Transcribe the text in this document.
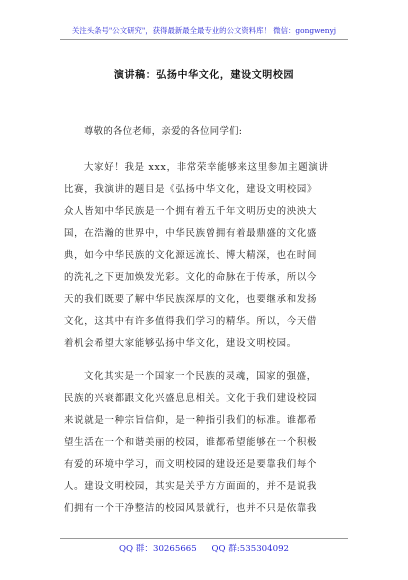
关注头条号"公文研究"，获得最新最全最专业的公文资料库！ 微信：gongwenyj
演讲稿：弘扬中华文化，建设文明校园
尊敬的各位老师，亲爱的各位同学们:
大家好！我是 xxx，非常荣幸能够来这里参加主题演讲
比赛，我演讲的题目是《弘扬中华文化，建设文明校园》
众人皆知中华民族是一个拥有着五千年文明历史的泱泱大
国，在浩瀚的世界中，中华民族曾拥有着最鼎盛的文化盛
典，如今中华民族的文化源远流长、博大精深，也在时间
的洗礼之下更加焕发光彩。文化的命脉在于传承，所以今
天的我们既要了解中华民族深厚的文化，也要继承和发扬
文化，这其中有许多值得我们学习的精华。所以，今天借
着机会希望大家能够弘扬中华文化，建设文明校园。
文化其实是一个国家一个民族的灵魂，国家的强盛，
民族的兴衰都跟文化兴盛息息相关。文化于我们建设校园
来说就是一种宗旨信仰，是一种指引我们的标准。谁都希
望生活在一个和谐美丽的校园，谁都希望能够在一个积极
有爱的环境中学习，而文明校园的建设还是要靠我们每个
人。建设文明校园，其实是关乎方方面面的，并不是说我
们拥有一个干净整洁的校园风景就行，也并不只是依靠我
QQ 群：30265665 QQ 群:535304092
